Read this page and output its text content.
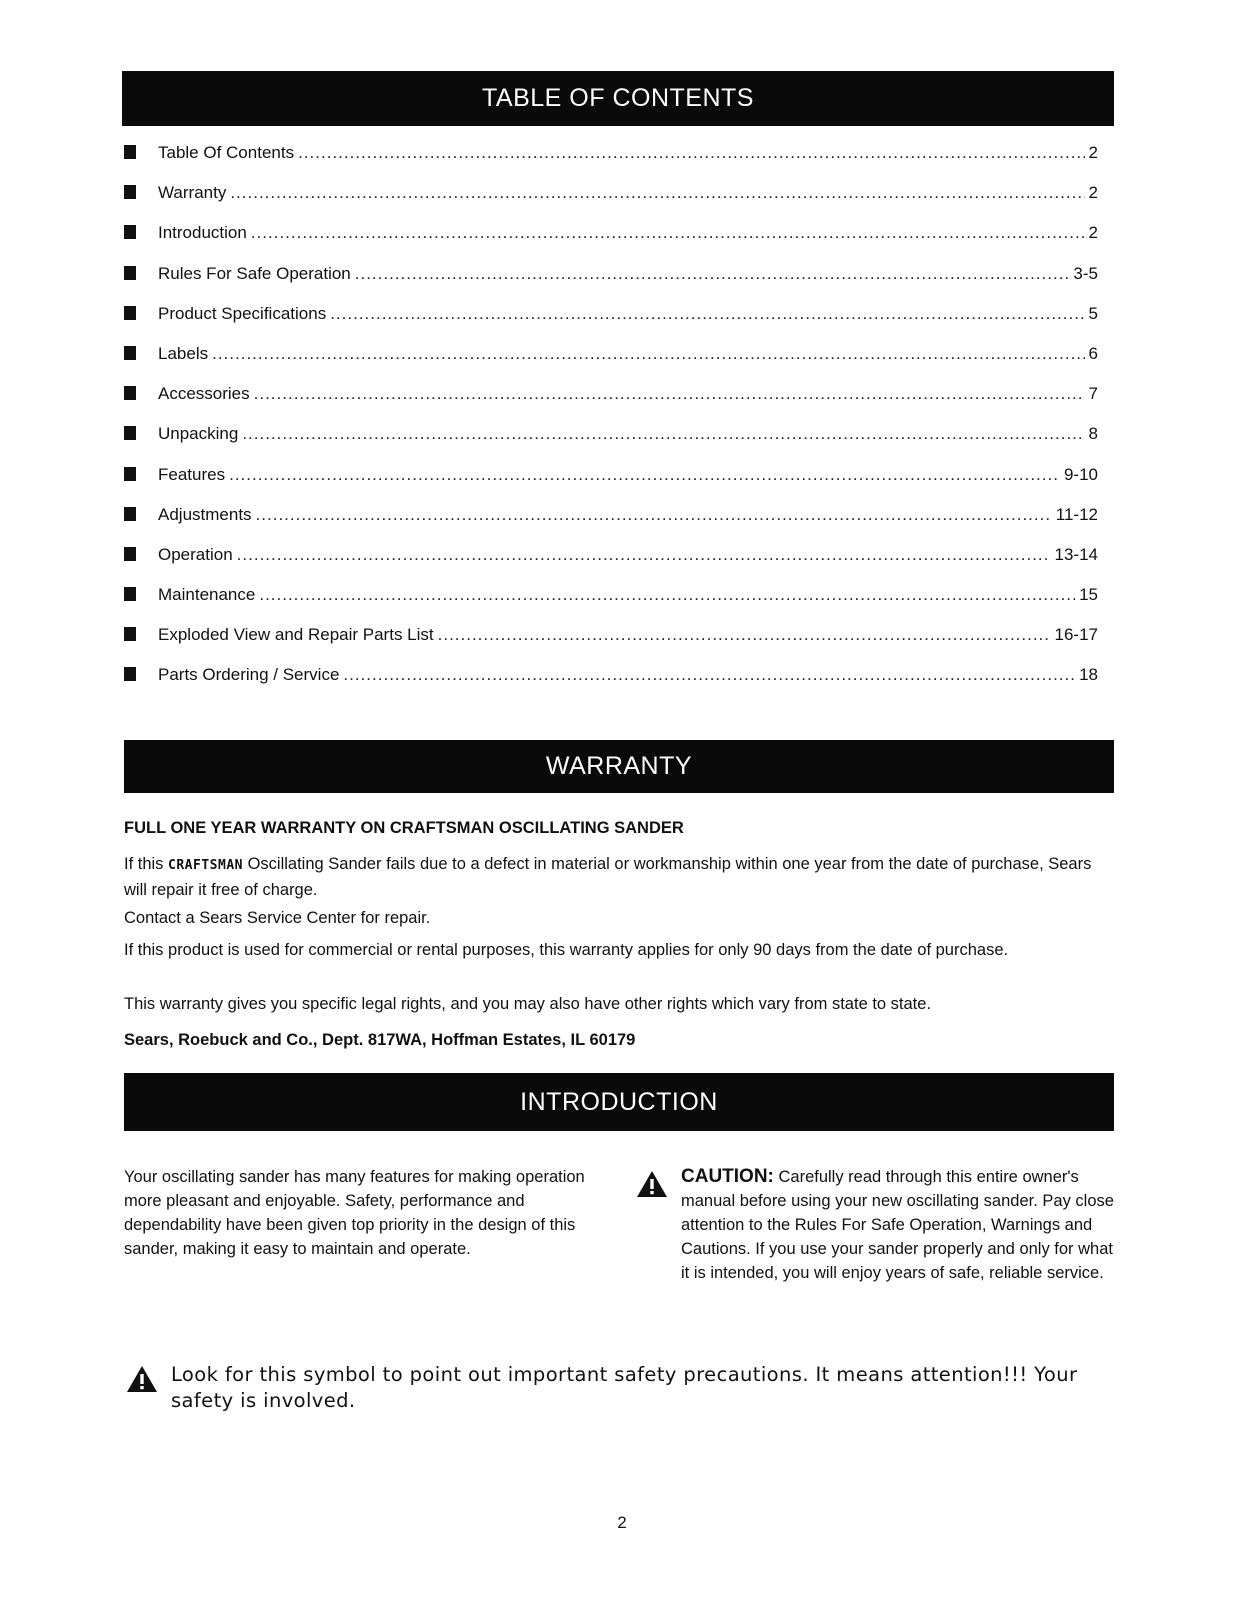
TABLE OF CONTENTS
Table Of Contents .....	2
Warranty .....	2
Introduction .....	2
Rules For Safe Operation .....	3-5
Product Specifications .....	5
Labels .....	6
Accessories .....	7
Unpacking .....	8
Features .....	9-10
Adjustments .....	11-12
Operation .....	13-14
Maintenance .....	15
Exploded View and Repair Parts List .....	16-17
Parts Ordering / Service .....	18
WARRANTY
FULL ONE YEAR WARRANTY ON CRAFTSMAN OSCILLATING SANDER

If this CRAFTSMAN Oscillating Sander fails due to a defect in material or workmanship within one year from the date of purchase, Sears will repair it free of charge.

Contact a Sears Service Center for repair.

If this product is used for commercial or rental purposes, this warranty applies for only 90 days from the date of purchase.

This warranty gives you specific legal rights, and you may also have other rights which vary from state to state.

Sears, Roebuck and Co., Dept. 817WA, Hoffman Estates, IL 60179

INTRODUCTION

Your oscillating sander has many features for making operation more pleasant and enjoyable. Safety, performance and dependability have been given top priority in the design of this sander, making it easy to maintain and operate.

CAUTION: Carefully read through this entire owner's manual before using your new oscillating sander. Pay close attention to the Rules For Safe Operation, Warnings and Cautions. If you use your sander properly and only for what it is intended, you will enjoy years of safe, reliable service.

Look for this symbol to point out important safety precautions. It means attention!!! Your safety is involved.

2
